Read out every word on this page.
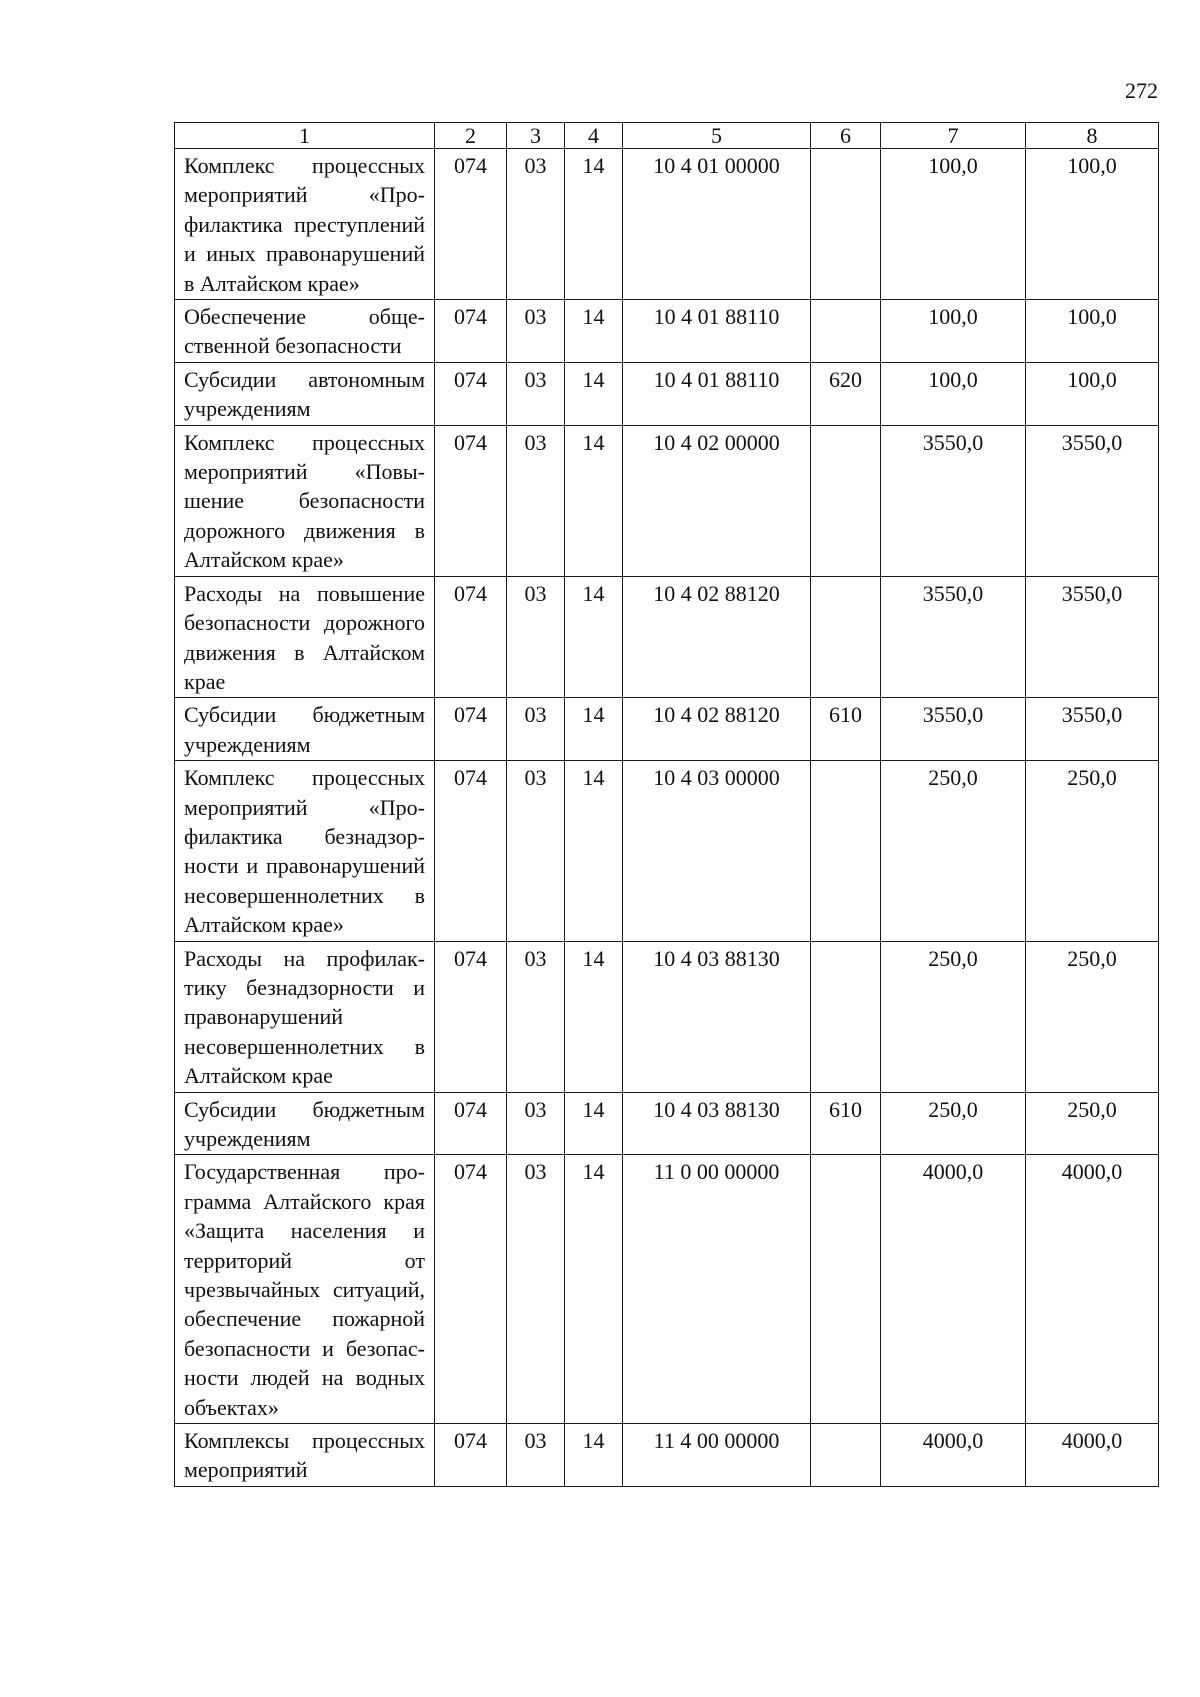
272
1	2	3	4	5	6	7	8
Комплекс процессных мероприятий «Профилактика преступлений и иных правонарушений в Алтайском крае»	074	03	14	10 4 01 00000		100,0	100,0
Обеспечение общественной безопасности	074	03	14	10 4 01 88110		100,0	100,0
Субсидии автономным учреждениям	074	03	14	10 4 01 88110	620	100,0	100,0
Комплекс процессных мероприятий «Повышение безопасности дорожного движения в Алтайском крае»	074	03	14	10 4 02 00000		3550,0	3550,0
Расходы на повышение безопасности дорожного движения в Алтайском крае	074	03	14	10 4 02 88120		3550,0	3550,0
Субсидии бюджетным учреждениям	074	03	14	10 4 02 88120	610	3550,0	3550,0
Комплекс процессных мероприятий «Профилактика безнадзорности и правонарушений несовершеннолетних в Алтайском крае»	074	03	14	10 4 03 00000		250,0	250,0
Расходы на профилактику безнадзорности и правонарушений несовершеннолетних в Алтайском крае	074	03	14	10 4 03 88130		250,0	250,0
Субсидии бюджетным учреждениям	074	03	14	10 4 03 88130	610	250,0	250,0
Государственная программа Алтайского края «Защита населения и территорий от чрезвычайных ситуаций, обеспечение пожарной безопасности и безопасности людей на водных объектах»	074	03	14	11 0 00 00000		4000,0	4000,0
Комплексы процессных мероприятий	074	03	14	11 4 00 00000		4000,0	4000,0
